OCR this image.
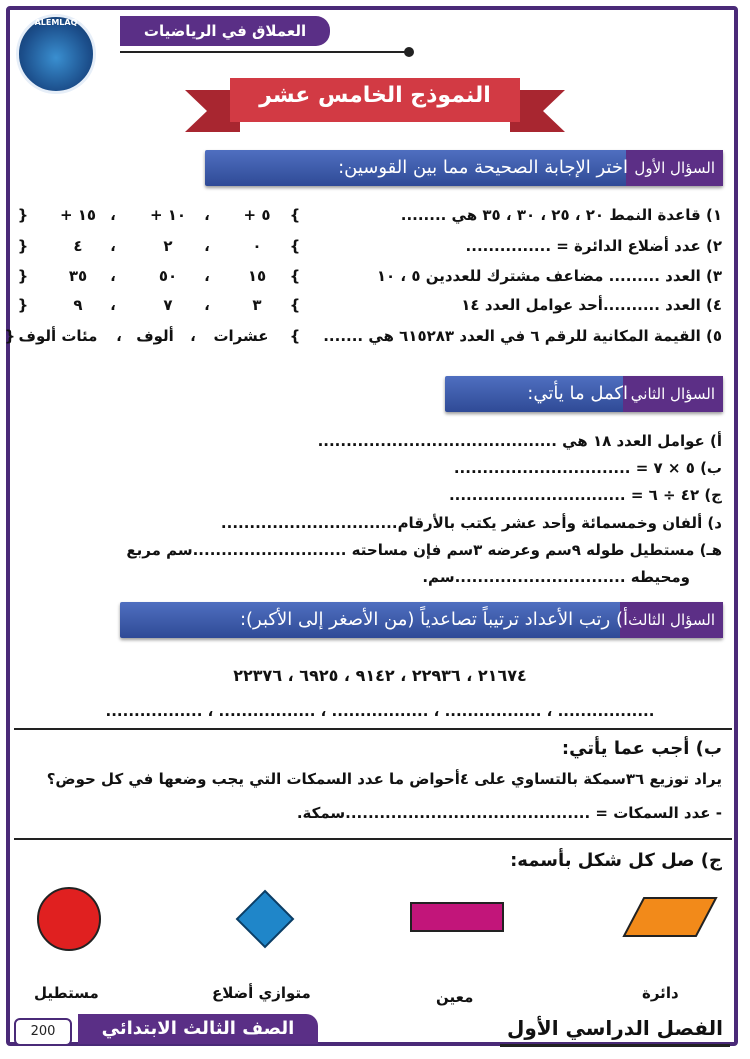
ALEMLAQ	العملاق في الرياضيات
النموذج الخامس عشر
السؤال الأول
اختر الإجابة الصحيحة مما بين القوسين:
١) قاعدة النمط ٢٠ ، ٢٥ ، ٣٠ ، ٣٥ هي ........
{
+ ٥
،
+ ١٠
،
+ ١٥
}
٢) عدد أضلاع الدائرة = ...............
{
٠
،
٢
،
٤
}
٣) العدد ......... مضاعف مشترك للعددين ٥ ، ١٠
{
١٥
،
٥٠
،
٣٥
}
٤) العدد ..........أحد عوامل العدد ١٤
{
٣
،
٧
،
٩
}
٥) القيمة المكانية للرقم ٦ في العدد ٦١٥٢٨٣ هي .......
{
عشرات
،
ألوف
،
مئات ألوف
}
السؤال الثاني
اكمل ما يأتي:
أ) عوامل العدد ١٨ هي ..........................................
ب) ٥ × ٧ = ...............................
ج) ٤٢ ÷ ٦ = ...............................
د) ألفان وخمسمائة وأحد عشر يكتب بالأرقام...............................
هـ) مستطيل طوله ٩سم وعرضه ٣سم فإن مساحته ...........................سم مربع
ومحيطه ..............................سم.
السؤال الثالث
أ) رتب الأعداد ترتيباً تصاعدياً (من الأصغر إلى الأكبر):
٢١٦٧٤ ، ٢٢٩٣٦ ، ٩١٤٢ ، ٦٩٢٥ ، ٢٢٣٧٦
................. ، ................. ، ................. ، ................. ، .................
ب) أجب عما يأتي:
يراد توزيع ٣٦سمكة بالتساوي على ٤أحواض ما عدد السمكات التي يجب وضعها في كل حوض؟
- عدد السمكات = ...........................................سمكة.
ج) صل كل شكل بأسمه:
دائرة
معين
متوازي أضلاع
مستطيل
200	الصف الثالث الابتدائي	الفصل الدراسي الأول
